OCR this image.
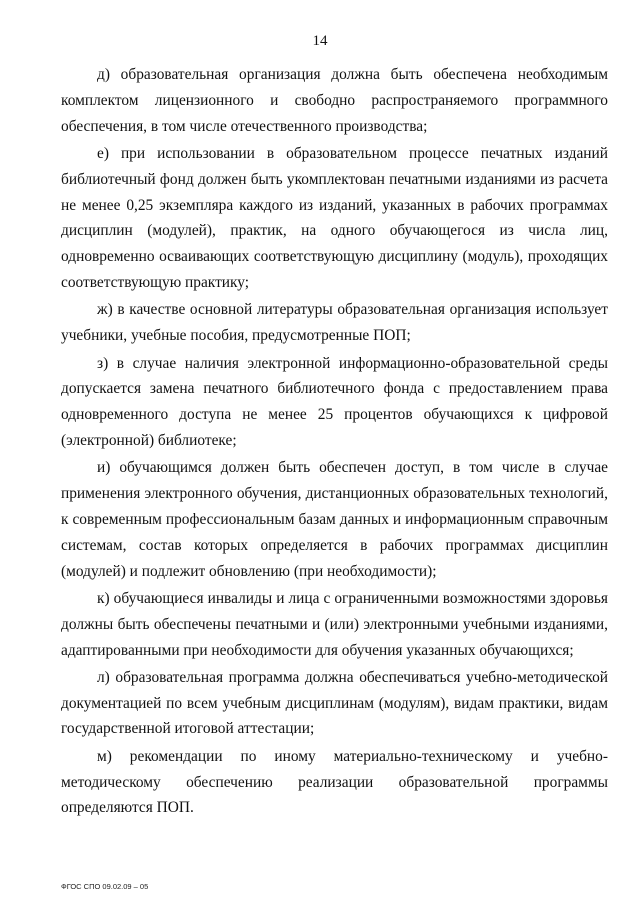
14

д) образовательная организация должна быть обеспечена необходимым комплектом лицензионного и свободно распространяемого программного обеспечения, в том числе отечественного производства;

е) при использовании в образовательном процессе печатных изданий библиотечный фонд должен быть укомплектован печатными изданиями из расчета не менее 0,25 экземпляра каждого из изданий, указанных в рабочих программах дисциплин (модулей), практик, на одного обучающегося из числа лиц, одновременно осваивающих соответствующую дисциплину (модуль), проходящих соответствующую практику;

ж) в качестве основной литературы образовательная организация использует учебники, учебные пособия, предусмотренные ПОП;

з) в случае наличия электронной информационно-образовательной среды допускается замена печатного библиотечного фонда с предоставлением права одновременного доступа не менее 25 процентов обучающихся к цифровой (электронной) библиотеке;

и) обучающимся должен быть обеспечен доступ, в том числе в случае применения электронного обучения, дистанционных образовательных технологий, к современным профессиональным базам данных и информационным справочным системам, состав которых определяется в рабочих программах дисциплин (модулей) и подлежит обновлению (при необходимости);

к) обучающиеся инвалиды и лица с ограниченными возможностями здоровья должны быть обеспечены печатными и (или) электронными учебными изданиями, адаптированными при необходимости для обучения указанных обучающихся;

л) образовательная программа должна обеспечиваться учебно-методической документацией по всем учебным дисциплинам (модулям), видам практики, видам государственной итоговой аттестации;

м) рекомендации по иному материально-техническому и учебно-методическому обеспечению реализации образовательной программы определяются ПОП.

ФГОС СПО 09.02.09 – 05
